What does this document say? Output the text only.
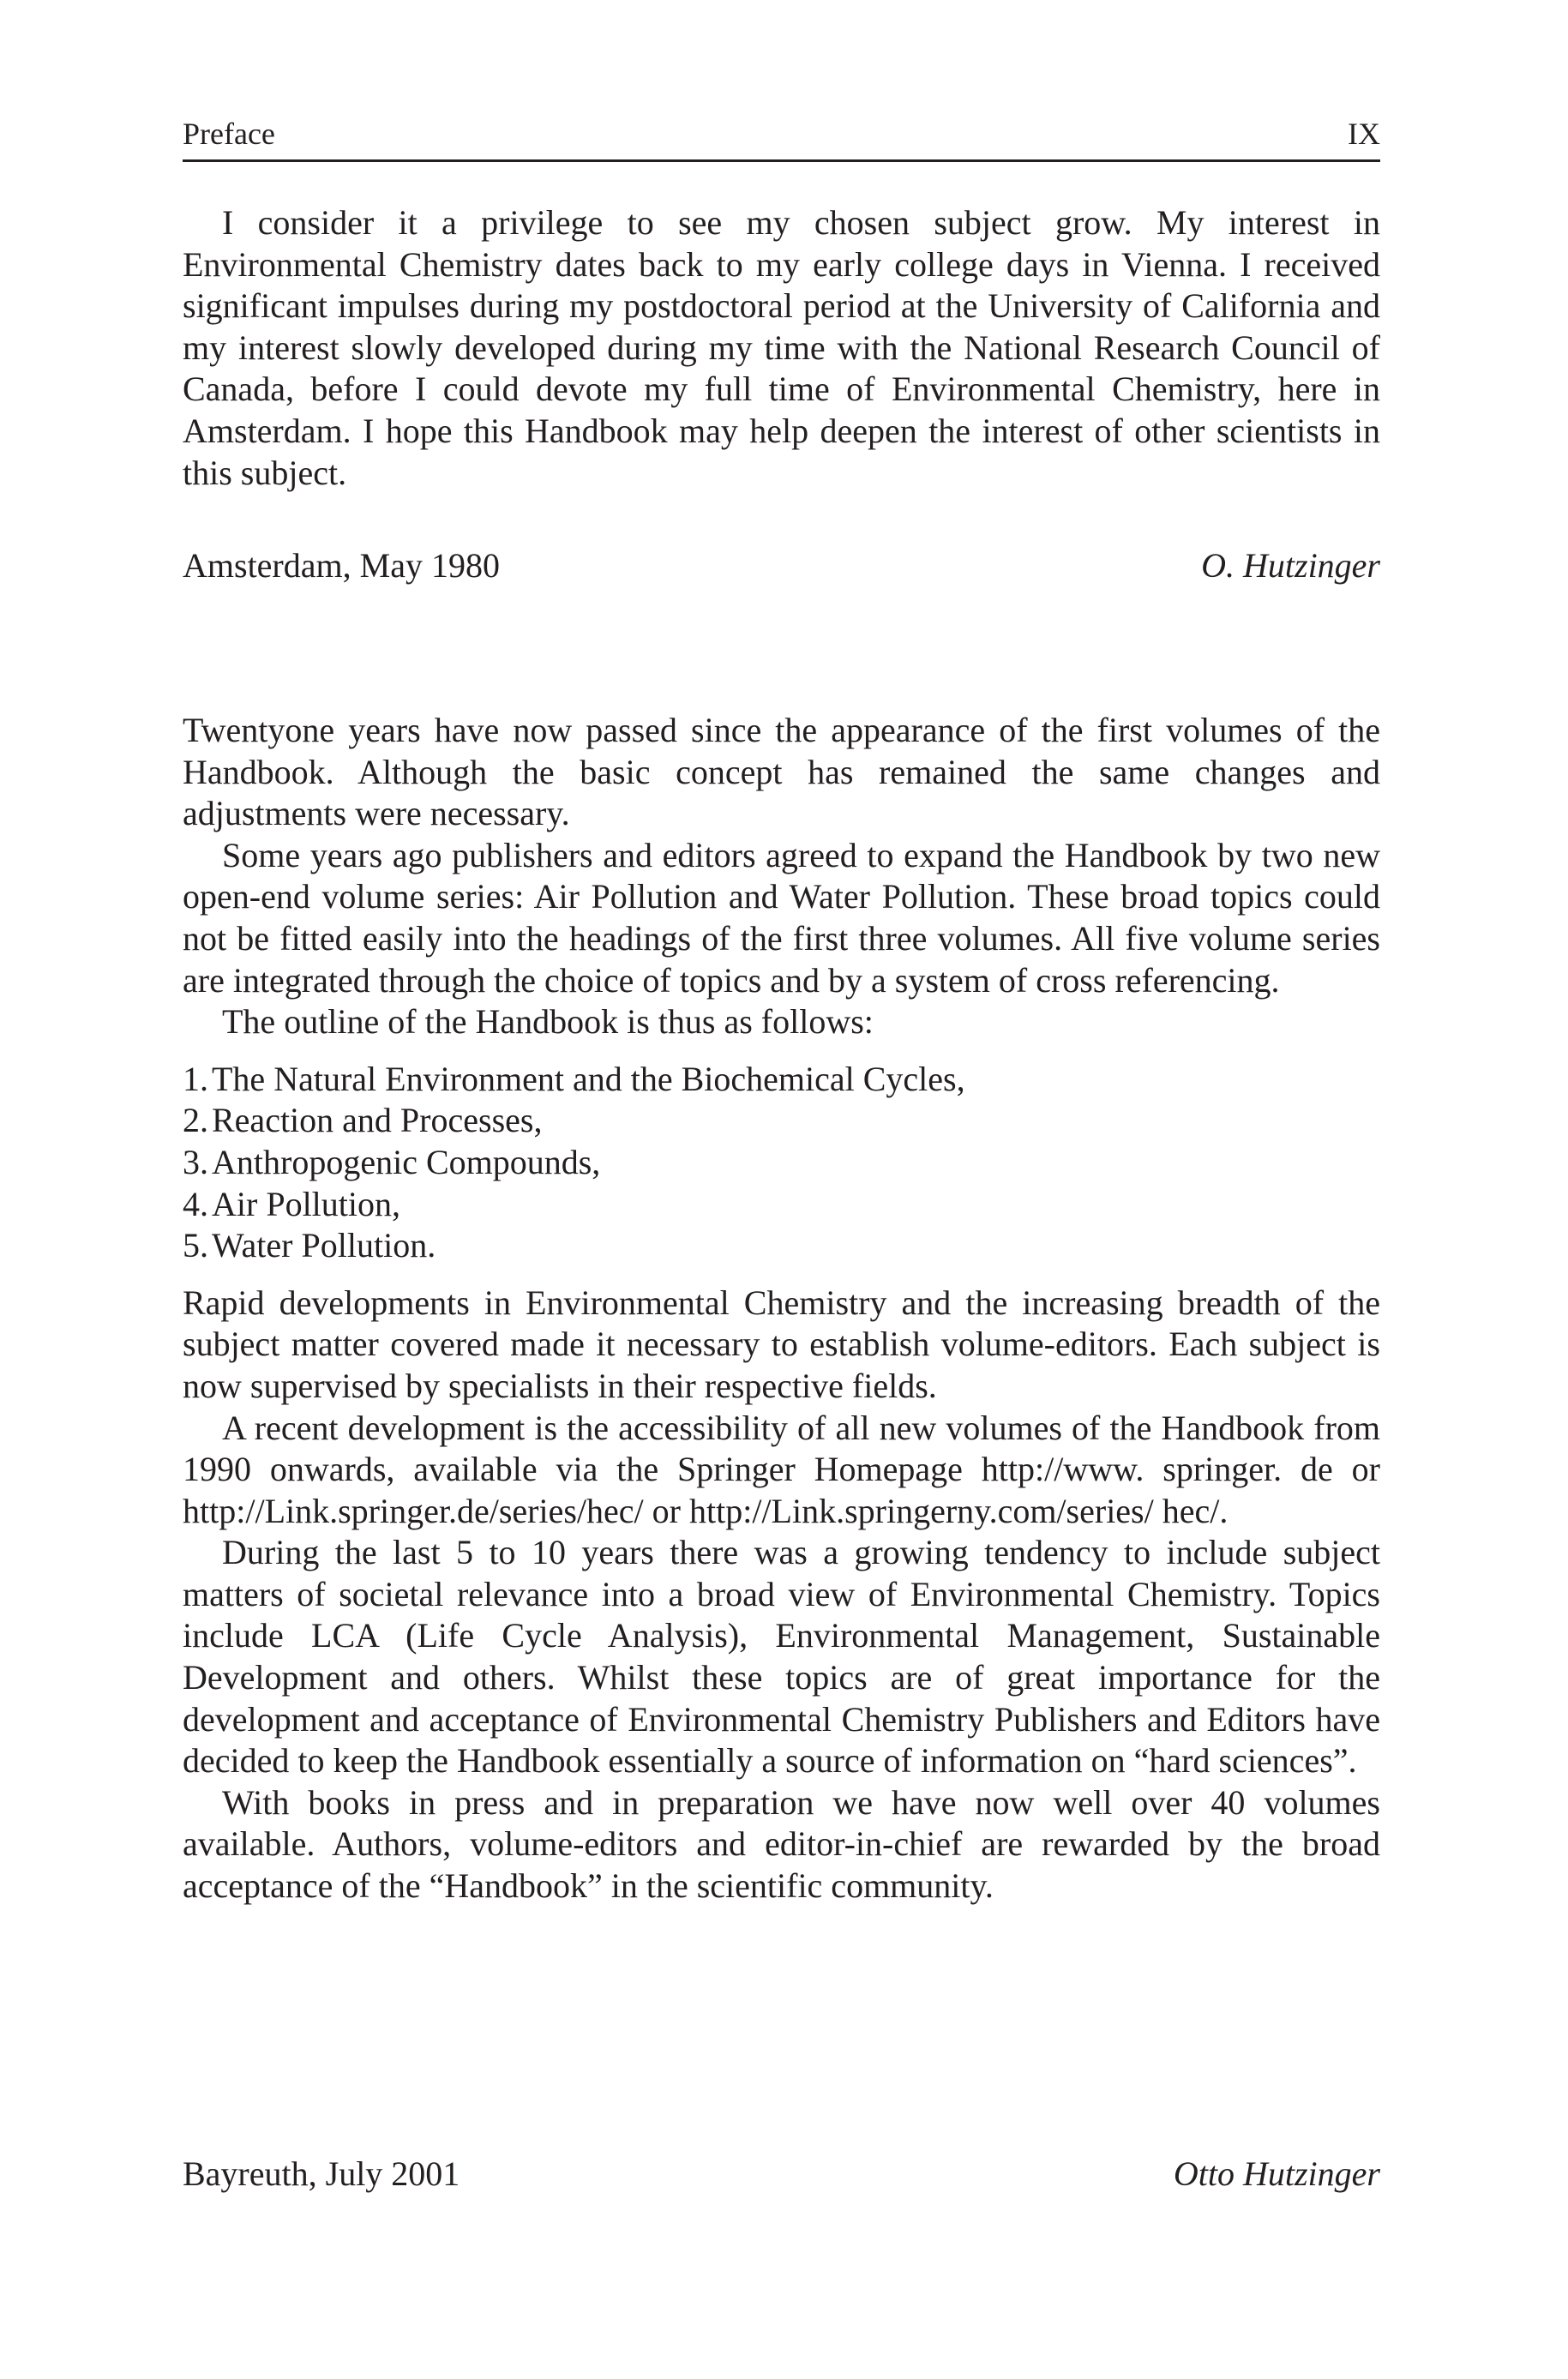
Preface	IX

I consider it a privilege to see my chosen subject grow. My interest in Environmental Chemistry dates back to my early college days in Vienna. I received significant impulses during my postdoctoral period at the University of California and my interest slowly developed during my time with the National Research Council of Canada, before I could devote my full time of Environmental Chemistry, here in Amsterdam. I hope this Handbook may help deepen the interest of other scientists in this subject.

Amsterdam, May 1980	O. Hutzinger

Twentyone years have now passed since the appearance of the first volumes of the Handbook. Although the basic concept has remained the same changes and adjustments were necessary.

Some years ago publishers and editors agreed to expand the Handbook by two new open-end volume series: Air Pollution and Water Pollution. These broad topics could not be fitted easily into the headings of the first three volumes. All five volume series are integrated through the choice of topics and by a system of cross referencing.

The outline of the Handbook is thus as follows:

1. The Natural Environment and the Biochemical Cycles,
2. Reaction and Processes,
3. Anthropogenic Compounds,
4. Air Pollution,
5. Water Pollution.

Rapid developments in Environmental Chemistry and the increasing breadth of the subject matter covered made it necessary to establish volume-editors. Each subject is now supervised by specialists in their respective fields.

A recent development is the accessibility of all new volumes of the Handbook from 1990 onwards, available via the Springer Homepage http://www. springer. de or http://Link.springer.de/series/hec/ or http://Link.springerny.com/series/ hec/.

During the last 5 to 10 years there was a growing tendency to include subject matters of societal relevance into a broad view of Environmental Chemistry. Topics include LCA (Life Cycle Analysis), Environmental Management, Sustainable Development and others. Whilst these topics are of great importance for the development and acceptance of Environmental Chemistry Publishers and Editors have decided to keep the Handbook essentially a source of information on “hard sciences”.

With books in press and in preparation we have now well over 40 volumes available. Authors, volume-editors and editor-in-chief are rewarded by the broad acceptance of the “Handbook” in the scientific community.

Bayreuth, July 2001	Otto Hutzinger
